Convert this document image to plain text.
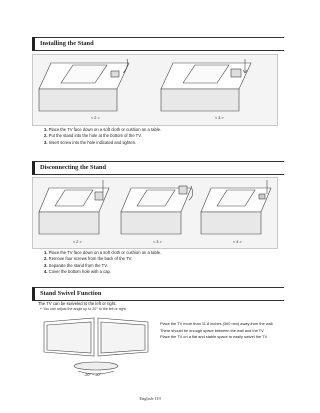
Installing the Stand
< 2 >	< 3 >
1. Place the TV face down on a soft cloth or cushion on a table.
2. Put the stand into the hole at the bottom of the TV.
3. Insert screw into the hole indicated and tighten.
Disconnecting the Stand
< 2 >	< 3 >	< 4 >
1. Place the TV face down on a soft cloth or cushion on a table.
2. Remove four screws from the back of the TV.
3. Separate the stand from the TV.
4. Cover the bottom hole with a cap.
Stand Swivel Function
The TV can be swiveled to the left or right.
‣ You can adjust the angle up to 20° to the left or right.
-20° ~ 20°
Place the TV more than 11.8 inches (300 mm) away from the wall.
There should be enough space between the wall and the TV.
Place the TV on a flat and stable space to easily swivel the TV.
English-119
